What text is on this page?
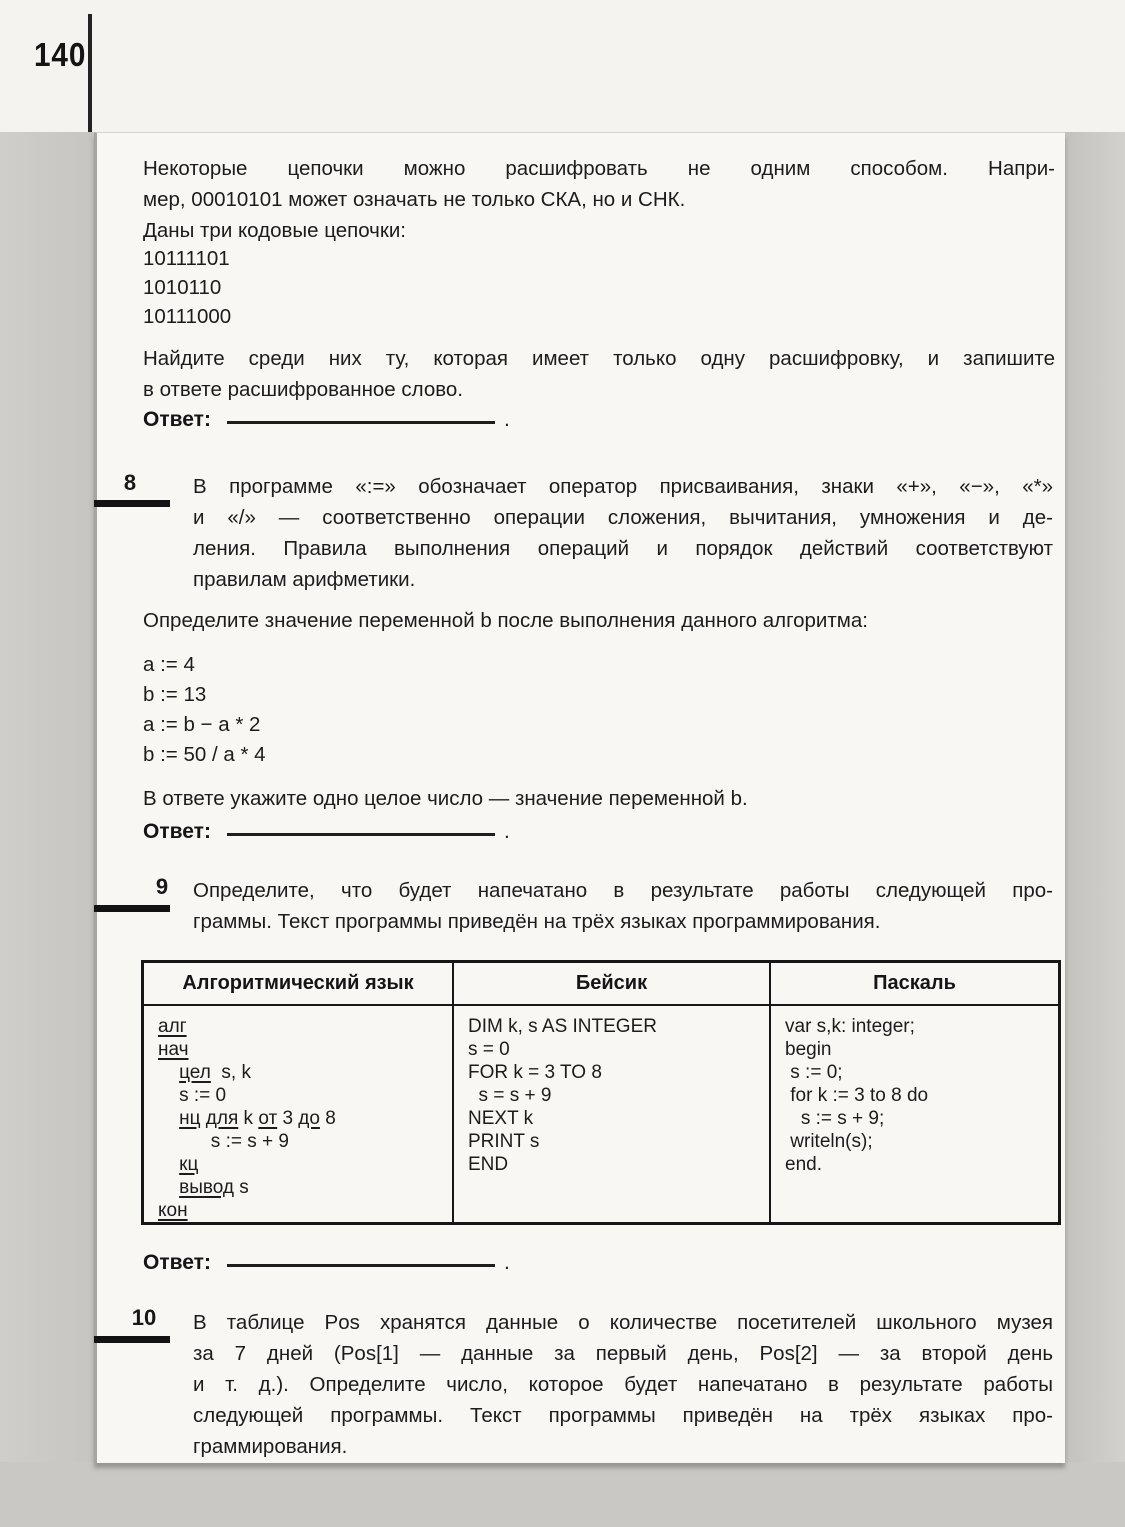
140
Некоторые цепочки можно расшифровать не одним способом. Напри-
мер, 00010101 может означать не только СКА, но и СНК.
Даны три кодовые цепочки:
10111101
1010110
10111000
Найдите среди них ту, которая имеет только одну расшифровку, и запишите
в ответе расшифрованное слово.
Ответ:	.
8	В программе «:=» обозначает оператор присваивания, знаки «+», «−», «*»
и «/» — соответственно операции сложения, вычитания, умножения и де-
ления. Правила выполнения операций и порядок действий соответствуют
правилам арифметики.
Определите значение переменной b после выполнения данного алгоритма:
a := 4
b := 13
a := b − a * 2
b := 50 / a * 4
В ответе укажите одно целое число — значение переменной b.
Ответ:	.
9	Определите, что будет напечатано в результате работы следующей про-
граммы. Текст программы приведён на трёх языках программирования.
Алгоритмический язык	Бейсик	Паскаль

алг
нач
цел  s, k
s := 0
нц для k от 3 до 8
s := s + 9
кц
вывод s
кон

DIM k, s AS INTEGER
s = 0
FOR k = 3 TO 8
s = s + 9
NEXT k
PRINT s
END

var s,k: integer;
begin
s := 0;
for k := 3 to 8 do
s := s + 9;
writeln(s);
end.
Ответ:	.
10	В таблице Pos хранятся данные о количестве посетителей школьного музея
за 7 дней (Pos[1] — данные за первый день, Pos[2] — за второй день
и т. д.). Определите число, которое будет напечатано в результате работы
следующей программы. Текст программы приведён на трёх языках про-
граммирования.
